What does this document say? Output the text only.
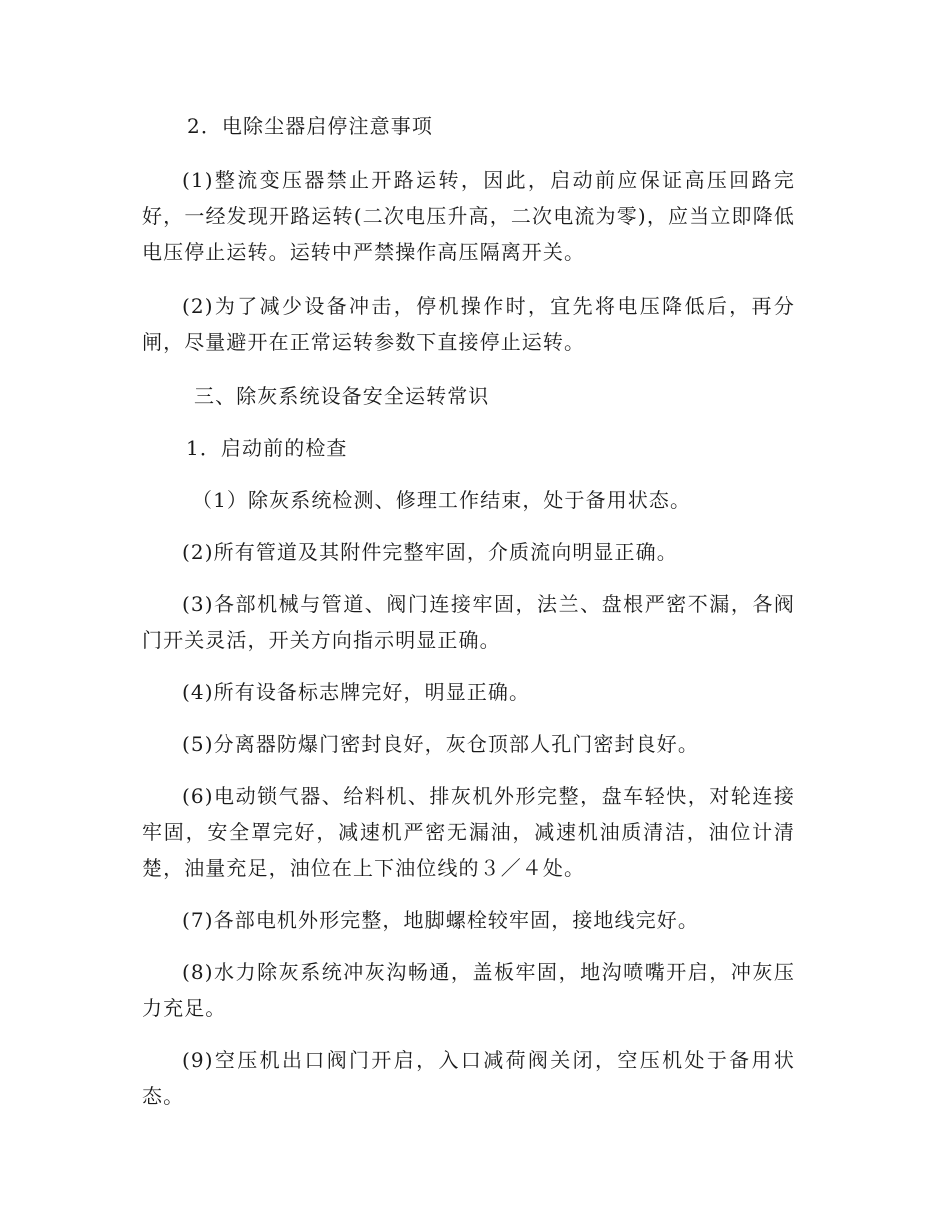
2．电除尘器启停注意事项

(1)整流变压器禁止开路运转，因此，启动前应保证高压回路完好，一经发现开路运转(二次电压升高，二次电流为零)，应当立即降低电压停止运转。运转中严禁操作高压隔离开关。

(2)为了减少设备冲击，停机操作时，宜先将电压降低后，再分闸，尽量避开在正常运转参数下直接停止运转。

三、除灰系统设备安全运转常识

1．启动前的检查

（1）除灰系统检测、修理工作结束，处于备用状态。

(2)所有管道及其附件完整牢固，介质流向明显正确。

(3)各部机械与管道、阀门连接牢固，法兰、盘根严密不漏，各阀门开关灵活，开关方向指示明显正确。

(4)所有设备标志牌完好，明显正确。

(5)分离器防爆门密封良好，灰仓顶部人孔门密封良好。

(6)电动锁气器、给料机、排灰机外形完整，盘车轻快，对轮连接牢固，安全罩完好，减速机严密无漏油，减速机油质清洁，油位计清楚，油量充足，油位在上下油位线的３／４处。

(7)各部电机外形完整，地脚螺栓较牢固，接地线完好。

(8)水力除灰系统冲灰沟畅通，盖板牢固，地沟喷嘴开启，冲灰压力充足。

(9)空压机出口阀门开启，入口减荷阀关闭，空压机处于备用状态。
